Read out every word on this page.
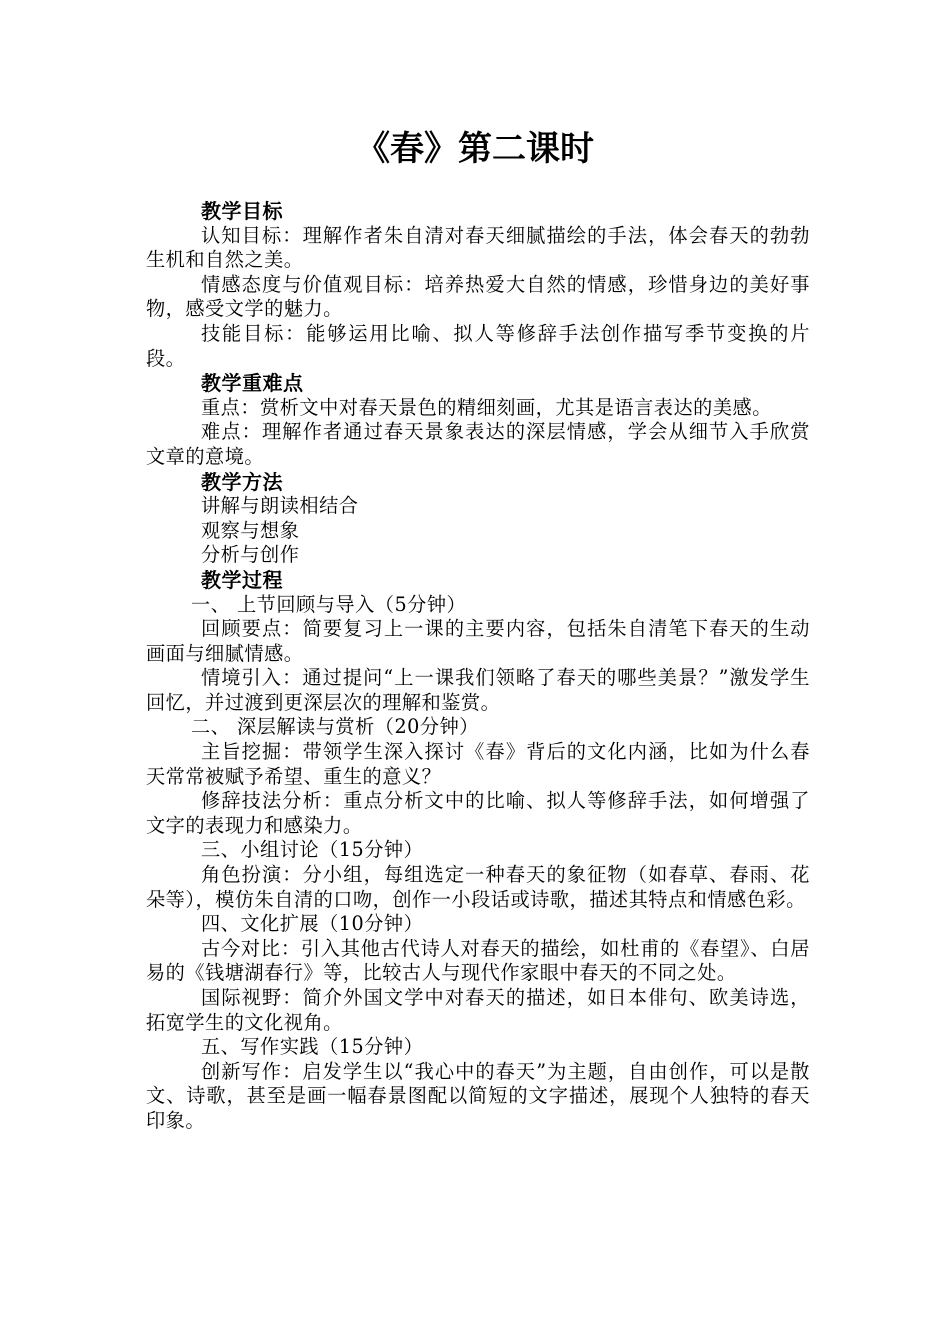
《春》第二课时

教学目标

认知目标：理解作者朱自清对春天细腻描绘的手法，体会春天的勃勃生机和自然之美。

情感态度与价值观目标：培养热爱大自然的情感，珍惜身边的美好事物，感受文学的魅力。

技能目标：能够运用比喻、拟人等修辞手法创作描写季节变换的片段。

教学重难点

重点：赏析文中对春天景色的精细刻画，尤其是语言表达的美感。

难点：理解作者通过春天景象表达的深层情感，学会从细节入手欣赏文章的意境。

教学方法

讲解与朗读相结合

观察与想象

分析与创作

教学过程

一、 上节回顾与导入（5分钟）

回顾要点：简要复习上一课的主要内容，包括朱自清笔下春天的生动画面与细腻情感。

情境引入：通过提问“上一课我们领略了春天的哪些美景？”激发学生回忆，并过渡到更深层次的理解和鉴赏。

二、 深层解读与赏析（20分钟）

主旨挖掘：带领学生深入探讨《春》背后的文化内涵，比如为什么春天常常被赋予希望、重生的意义？

修辞技法分析：重点分析文中的比喻、拟人等修辞手法，如何增强了文字的表现力和感染力。

三、小组讨论（15分钟）

角色扮演：分小组，每组选定一种春天的象征物（如春草、春雨、花朵等），模仿朱自清的口吻，创作一小段话或诗歌，描述其特点和情感色彩。

四、文化扩展（10分钟）

古今对比：引入其他古代诗人对春天的描绘，如杜甫的《春望》、白居易的《钱塘湖春行》等，比较古人与现代作家眼中春天的不同之处。

国际视野：简介外国文学中对春天的描述，如日本俳句、欧美诗选，拓宽学生的文化视角。

五、写作实践（15分钟）

创新写作：启发学生以“我心中的春天”为主题，自由创作，可以是散文、诗歌，甚至是画一幅春景图配以简短的文字描述，展现个人独特的春天印象。
